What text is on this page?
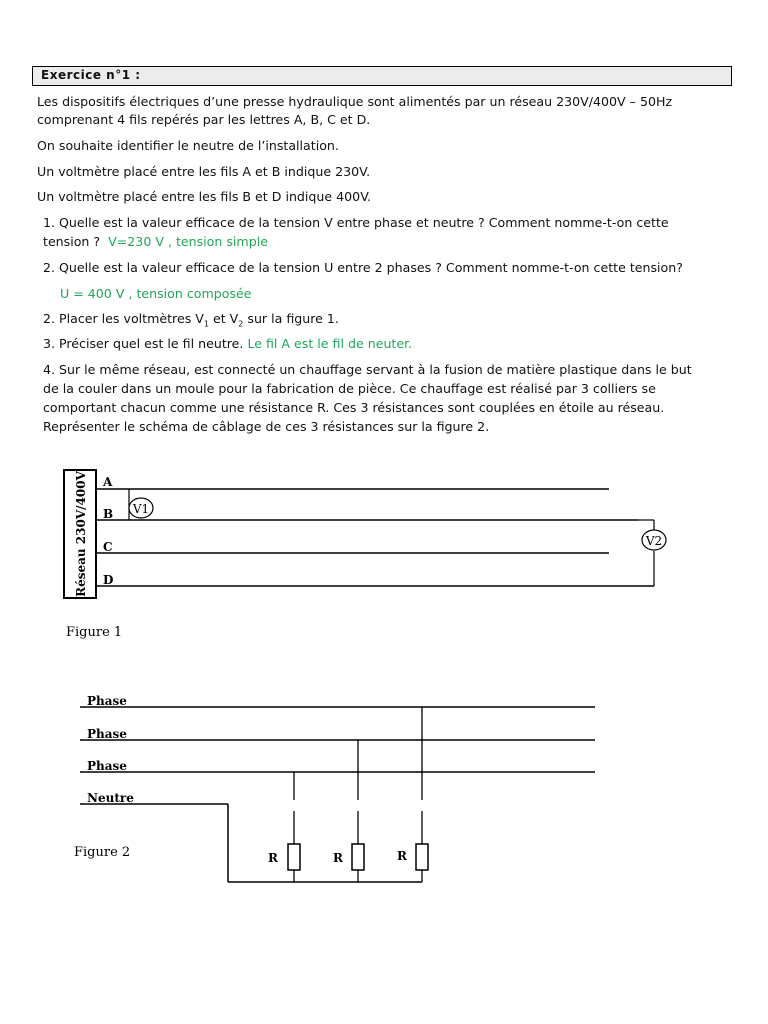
Exercice n°1 :
Les dispositifs électriques d’une presse hydraulique sont alimentés par un réseau 230V/400V – 50Hz
comprenant 4 fils repérés par les lettres A, B, C et D.
On souhaite identifier le neutre de l’installation.
Un voltmètre placé entre les fils A et B indique 230V.
Un voltmètre placé entre les fils B et D indique 400V.
1. Quelle est la valeur efficace de la tension V entre phase et neutre ? Comment nomme-t-on cette
tension ? V=230 V , tension simple
2. Quelle est la valeur efficace de la tension U entre 2 phases ? Comment nomme-t-on cette tension?
U = 400 V , tension composée
2. Placer les voltmètres $V_1$ et $V_2$ sur la figure 1.
3. Préciser quel est le fil neutre. Le fil A est le fil de neuter.
4. Sur le même réseau, est connecté un chauffage servant à la fusion de matière plastique dans le but
de la couler dans un moule pour la fabrication de pièce. Ce chauffage est réalisé par 3 colliers se
comportant chacun comme une résistance R. Ces 3 résistances sont couplées en étoile au réseau.
Représenter le schéma de câblage de ces 3 résistances sur la figure 2.
Réseau 230V/400V A
B
C
D
V1
V2
Figure 1
Phase
Phase
Phase
Neutre
R	R	R
Figure 2
